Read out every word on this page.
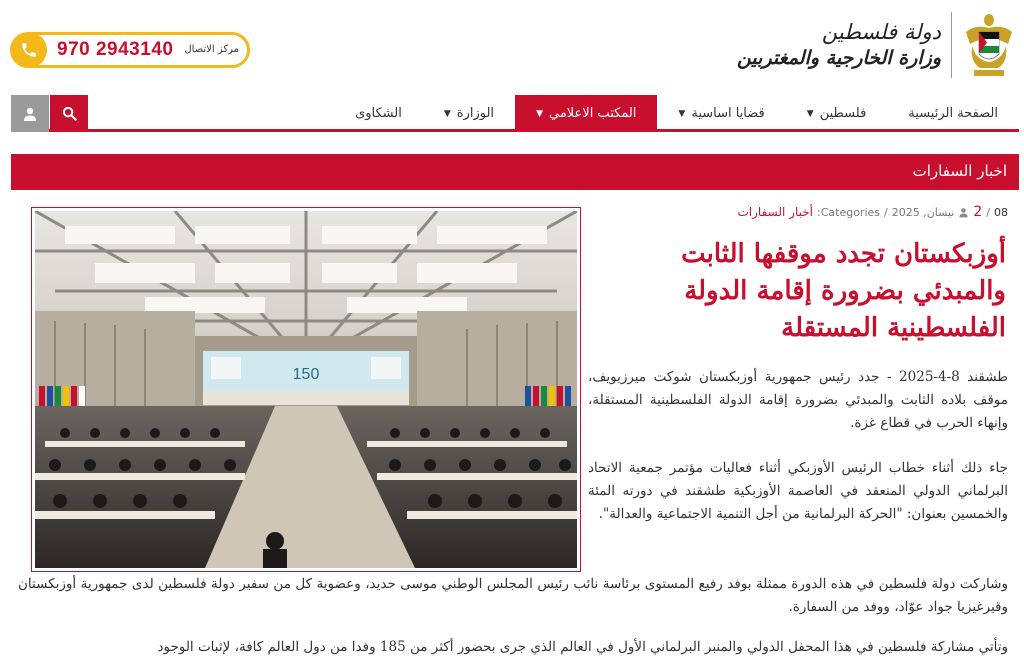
دولة فلسطين
وزارة الخارجية والمغتربين
970 2943140 مركز الاتصال
الصفحة الرئيسية
فلسطين
▼
قضايا اساسية
▼
المكتب الاعلامي
▼
الوزارة
▼
الشكاوى
اخبار السفارات
150
08
/
2
نيسان, 2025
/
Categories:
أخبار السفارات
أوزبكستان تجدد موقفها الثابت والمبدئي بضرورة إقامة الدولة الفلسطينية المستقلة

طشقند 8-4-2025 - جدد رئيس جمهورية أوزبكستان شوكت ميرزيويف، موقف بلاده الثابت والمبدئي بضرورة إقامة الدولة الفلسطينية المستقلة، وإنهاء الحرب في قطاع غزة.

جاء ذلك أثناء خطاب الرئيس الأوزبكي أثناء فعاليات مؤتمر جمعية الاتحاد البرلماني الدولي المنعقد في العاصمة الأوزبكية طشقند في دورته المئة والخمسين بعنوان: "الحركة البرلمانية من أجل التنمية الاجتماعية والعدالة".

وشاركت دولة فلسطين في هذه الدورة ممثلة بوفد رفيع المستوى برئاسة نائب رئيس المجلس الوطني موسى حديد، وعضوية كل من سفير دولة فلسطين لدى جمهورية أوزبكستان وقيرغيزيا جواد عوّاد، ووفد من السفارة.

وتأتي مشاركة فلسطين في هذا المحفل الدولي والمنبر البرلماني الأول في العالم الذي جرى بحضور أكثر من 185 وفدا من دول العالم كافة، لإثبات الوجود
